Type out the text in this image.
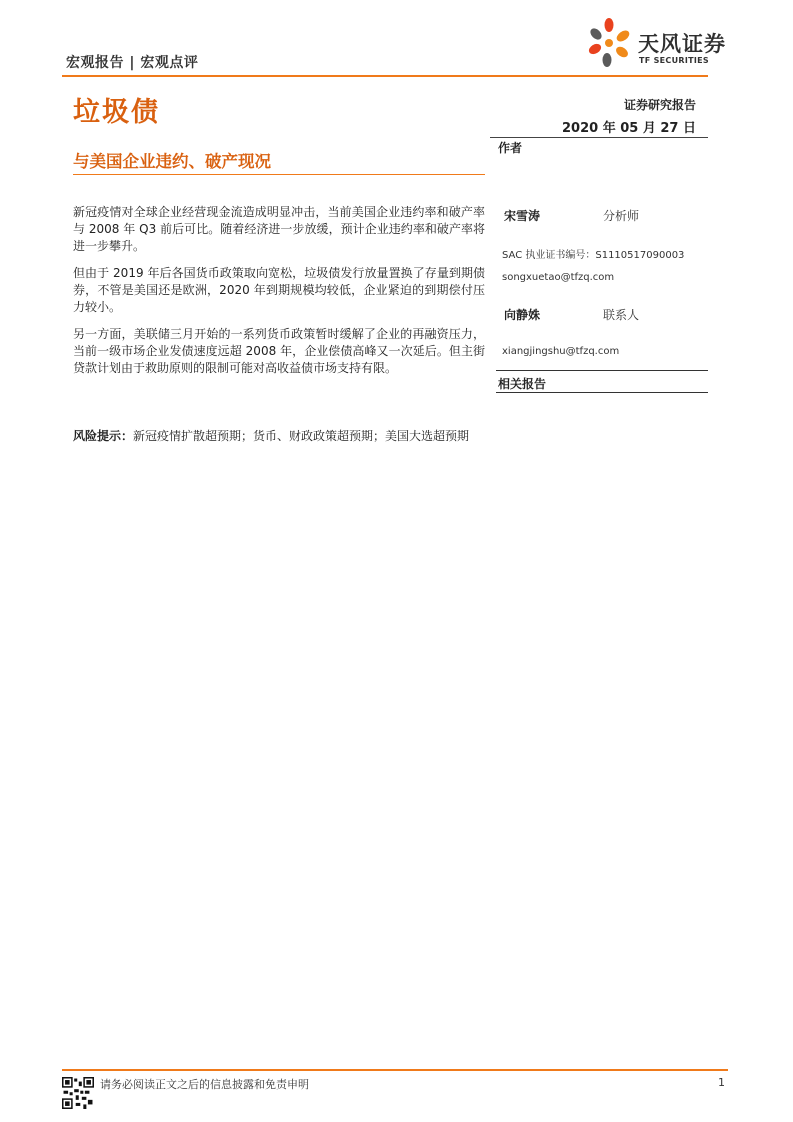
宏观报告 | 宏观点评
天风证券
TF SECURITIES
垃圾债	证券研究报告
2020 年 05 月 27 日
与美国企业违约、破产现况
作者

新冠疫情对全球企业经营现金流造成明显冲击，当前美国企业违约率和破产率与 2008 年 Q3 前后可比。随着经济进一步放缓，预计企业违约率和破产率将进一步攀升。

但由于 2019 年后各国货币政策取向宽松，垃圾债发行放量置换了存量到期债券，不管是美国还是欧洲，2020 年到期规模均较低，企业紧迫的到期偿付压力较小。

另一方面，美联储三月开始的一系列货币政策暂时缓解了企业的再融资压力，当前一级市场企业发债速度远超 2008 年，企业偿债高峰又一次延后。但主街贷款计划由于救助原则的限制可能对高收益债市场支持有限。

风险提示：新冠疫情扩散超预期；货币、财政政策超预期；美国大选超预期
宋雪涛	分析师
SAC 执业证书编号：S1110517090003
songxuetao@tfzq.com
向静姝	联系人
xiangjingshu@tfzq.com
相关报告
请务必阅读正文之后的信息披露和免责申明	1
